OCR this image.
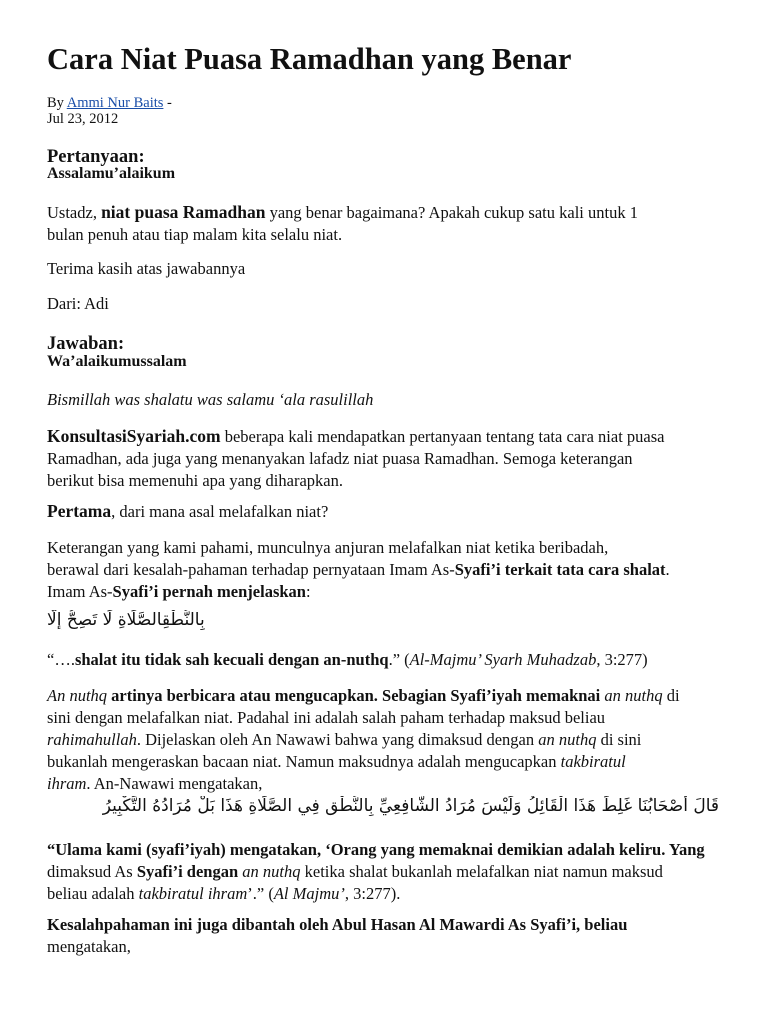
Cara Niat Puasa Ramadhan yang Benar
By Ammi Nur Baits -
Jul 23, 2012
Pertanyaan:
Assalamu’alaikum
Ustadz, niat puasa Ramadhan yang benar bagaimana? Apakah cukup satu kali untuk 1
bulan penuh atau tiap malam kita selalu niat.
Terima kasih atas jawabannya
Dari: Adi
Jawaban:
Wa’alaikumussalam
Bismillah was shalatu was salamu ‘ala rasulillah
KonsultasiSyariah.com beberapa kali mendapatkan pertanyaan tentang tata cara niat puasa
Ramadhan, ada juga yang menanyakan lafadz niat puasa Ramadhan. Semoga keterangan
berikut bisa memenuhi apa yang diharapkan.
Pertama, dari mana asal melafalkan niat?
Keterangan yang kami pahami, munculnya anjuran melafalkan niat ketika beribadah,
berawal dari kesalah-pahaman terhadap pernyataan Imam As-Syafi’i terkait tata cara shalat.
Imam As-Syafi’i pernah menjelaskan:
بِالنُّطْقِالصَّلَاةِ لَا تَصِحُّ إِلَّا
“….shalat itu tidak sah kecuali dengan an-nuthq.” (Al-Majmu’ Syarh Muhadzab, 3:277)
An nuthq artinya berbicara atau mengucapkan. Sebagian Syafi’iyah memaknai an nuthq di
sini dengan melafalkan niat. Padahal ini adalah salah paham terhadap maksud beliau
rahimahullah. Dijelaskan oleh An Nawawi bahwa yang dimaksud dengan an nuthq di sini
bukanlah mengeraskan bacaan niat. Namun maksudnya adalah mengucapkan takbiratul
ihram. An-Nawawi mengatakan,
قَالَ أَصْحَابُنَا غَلِطَ هَذَا الْقَائِلُ وَلَيْسَ مُرَادُ الشَّافِعِيِّ بِالنُّطْقِ فِي الصَّلَاةِ هَذَا بَلْ مُرَادُهُ التَّكْبِيرُ
“Ulama kami (syafi’iyah) mengatakan, ‘Orang yang memaknai demikian adalah keliru. Yang
dimaksud As Syafi’i dengan an nuthq ketika shalat bukanlah melafalkan niat namun maksud
beliau adalah takbiratul ihram’.” (Al Majmu’, 3:277).
Kesalahpahaman ini juga dibantah oleh Abul Hasan Al Mawardi As Syafi’i, beliau
mengatakan,
